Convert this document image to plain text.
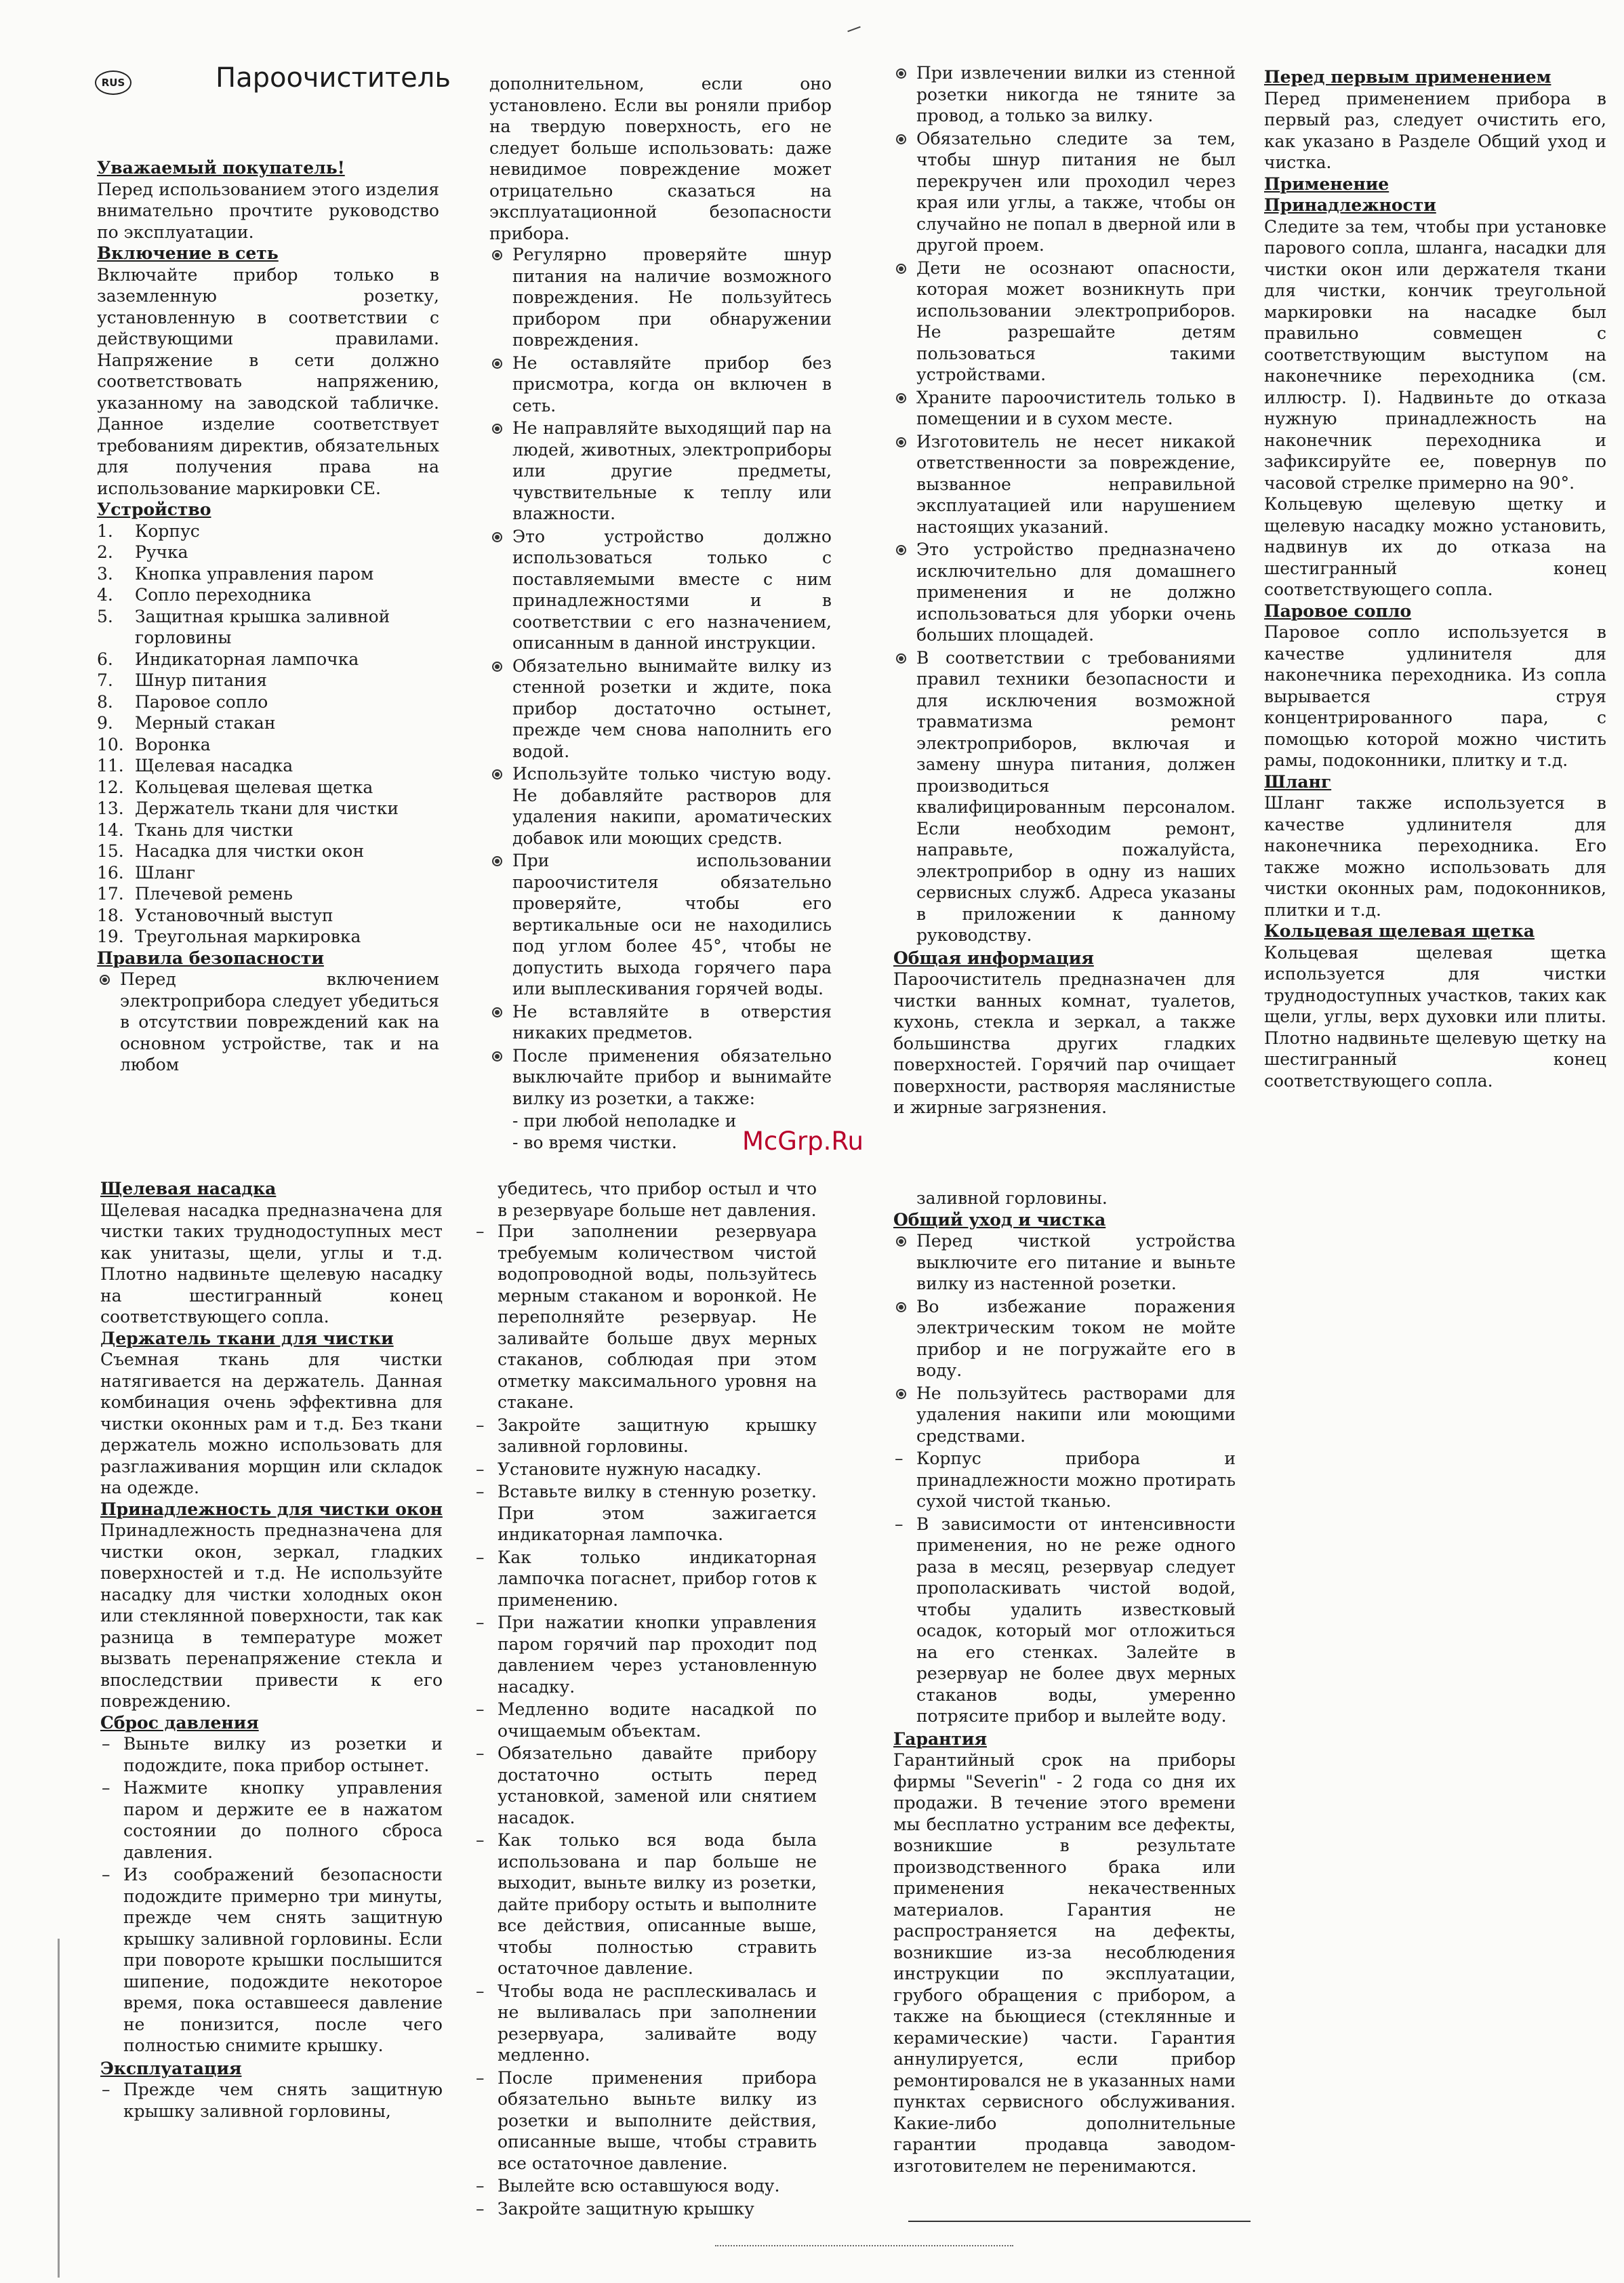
RUS	Пароочиститель

Уважаемый покупатель!

Перед использованием этого изделия внимательно прочтите руководство по эксплуатации.

Включение в сеть

Включайте прибор только в заземленную розетку, установленную в соответствии с действующими правилами. Напряжение в сети должно соответствовать напряжению, указанному на заводской табличке. Данное изделие соответствует требованиям директив, обязательных для получения права на использование маркировки CE.

Устройство

1.	Корпус
2.	Ручка
3.	Кнопка управления паром
4.	Сопло переходника
5.	Защитная крышка заливной горловины
6.	Индикаторная лампочка
7.	Шнур питания
8.	Паровое сопло
9.	Мерный стакан
10. Воронка
11. Щелевая насадка
12. Кольцевая щелевая щетка
13. Держатель ткани для чистки
14. Ткань для чистки
15. Насадка для чистки окон
16. Шланг
17. Плечевой ремень
18. Установочный выступ
19. Треугольная маркировка

Правила безопасности

Перед включением электроприбора следует убедиться в отсутствии повреждений как на основном устройстве, так и на любом

дополнительном, если оно установлено. Если вы роняли прибор на твердую поверхность, его не следует больше использовать: даже невидимое повреждение может отрицательно сказаться на эксплуатационной безопасности прибора.

Регулярно проверяйте шнур питания на наличие возможного повреждения. Не пользуйтесь прибором при обнаружении повреждения.
Не оставляйте прибор без присмотра, когда он включен в сеть.
Не направляйте выходящий пар на людей, животных, электроприборы или другие предметы, чувствительные к теплу или влажности.
Это устройство должно использоваться только с поставляемыми вместе с ним принадлежностями и в соответствии с его назначением, описанным в данной инструкции.
Обязательно вынимайте вилку из стенной розетки и ждите, пока прибор достаточно остынет, прежде чем снова наполнить его водой.
Используйте только чистую воду. Не добавляйте растворов для удаления накипи, ароматических добавок или моющих средств.
При использовании пароочистителя обязательно проверяйте, чтобы его вертикальные оси не находились под углом более 45°, чтобы не допустить выхода горячего пара или выплескивания горячей воды.
Не вставляйте в отверстия никаких предметов.
После применения обязательно выключайте прибор и вынимайте вилку из розетки, а также:

- при любой неполадке и

- во время чистки.

При извлечении вилки из стенной розетки никогда не тяните за провод, а только за вилку.
Обязательно следите за тем, чтобы шнур питания не был перекручен или проходил через края или углы, а также, чтобы он случайно не попал в дверной или в другой проем.
Дети не осознают опасности, которая может возникнуть при использовании электроприборов. Не разрешайте детям пользоваться такими устройствами.
Храните пароочиститель только в помещении и в сухом месте.
Изготовитель не несет никакой ответственности за повреждение, вызванное неправильной эксплуатацией или нарушением настоящих указаний.
Это устройство предназначено исключительно для домашнего применения и не должно использоваться для уборки очень больших площадей.
В соответствии с требованиями правил техники безопасности и для исключения возможной травматизма ремонт электроприборов, включая и замену шнура питания, должен производиться квалифицированным персоналом. Если необходим ремонт, направьте, пожалуйста, электроприбор в одну из наших сервисных служб. Адреса указаны в приложении к данному руководству.

Общая информация

Пароочиститель предназначен для чистки ванных комнат, туалетов, кухонь, стекла и зеркал, а также большинства других гладких поверхностей. Горячий пар очищает поверхности, растворяя маслянистые и жирные загрязнения.

Перед первым применением

Перед применением прибора в первый раз, следует очистить его, как указано в Разделе Общий уход и чистка.

Применение

Принадлежности

Следите за тем, чтобы при установке парового сопла, шланга, насадки для чистки окон или держателя ткани для чистки, кончик треугольной маркировки на насадке был правильно совмещен с соответствующим выступом на наконечнике переходника (см. иллюстр. I). Надвиньте до отказа нужную принадлежность на наконечник переходника и зафиксируйте ее, повернув по часовой стрелке примерно на 90°.

Кольцевую щелевую щетку и щелевую насадку можно установить, надвинув их до отказа на шестигранный конец соответствующего сопла.

Паровое сопло

Паровое сопло используется в качестве удлинителя для наконечника переходника. Из сопла вырывается струя концентрированного пара, с помощью которой можно чистить рамы, подоконники, плитку и т.д.

Шланг

Шланг также используется в качестве удлинителя для наконечника переходника. Его также можно использовать для чистки оконных рам, подоконников, плитки и т.д.

Кольцевая щелевая щетка

Кольцевая щелевая щетка используется для чистки труднодоступных участков, таких как щели, углы, верх духовки или плиты. Плотно надвиньте щелевую щетку на шестигранный конец соответствующего сопла.

McGrp.Ru

Щелевая насадка

Щелевая насадка предназначена для чистки таких труднодоступных мест как унитазы, щели, углы и т.д. Плотно надвиньте щелевую насадку на шестигранный конец соответствующего сопла.

Держатель ткани для чистки

Съемная ткань для чистки натягивается на держатель. Данная комбинация очень эффективна для чистки оконных рам и т.д. Без ткани держатель можно использовать для разглаживания морщин или складок на одежде.

Принадлежность для чистки окон

Принадлежность предназначена для чистки окон, зеркал, гладких поверхностей и т.д. Не используйте насадку для чистки холодных окон или стеклянной поверхности, так как разница в температуре может вызвать перенапряжение стекла и впоследствии привести к его повреждению.

Сброс давления

– Выньте вилку из розетки и подождите, пока прибор остынет.
– Нажмите кнопку управления паром и держите ее в нажатом состоянии до полного сброса давления.
– Из соображений безопасности подождите примерно три минуты, прежде чем снять защитную крышку заливной горловины. Если при повороте крышки послышится шипение, подождите некоторое время, пока оставшееся давление не понизится, после чего полностью снимите крышку.

Эксплуатация

– Прежде чем снять защитную крышку заливной горловины,

убедитесь, что прибор остыл и что в резервуаре больше нет давления.

– При заполнении резервуара требуемым количеством чистой водопроводной воды, пользуйтесь мерным стаканом и воронкой. Не переполняйте резервуар. Не заливайте больше двух мерных стаканов, соблюдая при этом отметку максимального уровня на стакане.
– Закройте защитную крышку заливной горловины.
– Установите нужную насадку.
– Вставьте вилку в стенную розетку. При этом зажигается индикаторная лампочка.
– Как только индикаторная лампочка погаснет, прибор готов к применению.
– При нажатии кнопки управления паром горячий пар проходит под давлением через установленную насадку.
– Медленно водите насадкой по очищаемым объектам.
– Обязательно давайте прибору достаточно остыть перед установкой, заменой или снятием насадок.
– Как только вся вода была использована и пар больше не выходит, выньте вилку из розетки, дайте прибору остыть и выполните все действия, описанные выше, чтобы полностью стравить остаточное давление.
– Чтобы вода не расплескивалась и не выливалась при заполнении резервуара, заливайте воду медленно.
– После применения прибора обязательно выньте вилку из розетки и выполните действия, описанные выше, чтобы стравить все остаточное давление.
– Вылейте всю оставшуюся воду.
– Закройте защитную крышку

заливной горловины.

Общий уход и чистка

Перед чисткой устройства выключите его питание и выньте вилку из настенной розетки.
Во избежание поражения электрическим током не мойте прибор и не погружайте его в воду.
Не пользуйтесь растворами для удаления накипи или моющими средствами.
– Корпус прибора и принадлежности можно протирать сухой чистой тканью.
– В зависимости от интенсивности применения, но не реже одного раза в месяц, резервуар следует прополаскивать чистой водой, чтобы удалить известковый осадок, который мог отложиться на его стенках. Залейте в резервуар не более двух мерных стаканов воды, умеренно потрясите прибор и вылейте воду.

Гарантия

Гарантийный срок на приборы фирмы "Severin" - 2 года со дня их продажи. В течение этого времени мы бесплатно устраним все дефекты, возникшие в результате производственного брака или применения некачественных материалов. Гарантия не распространяется на дефекты, возникшие из-за несоблюдения инструкции по эксплуатации, грубого обращения с прибором, а также на бьющиеся (стеклянные и керамические) части. Гарантия аннулируется, если прибор ремонтировался не в указанных нами пунктах сервисного обслуживания. Какие-либо дополнительные гарантии продавца заводом-изготовителем не перенимаются.
